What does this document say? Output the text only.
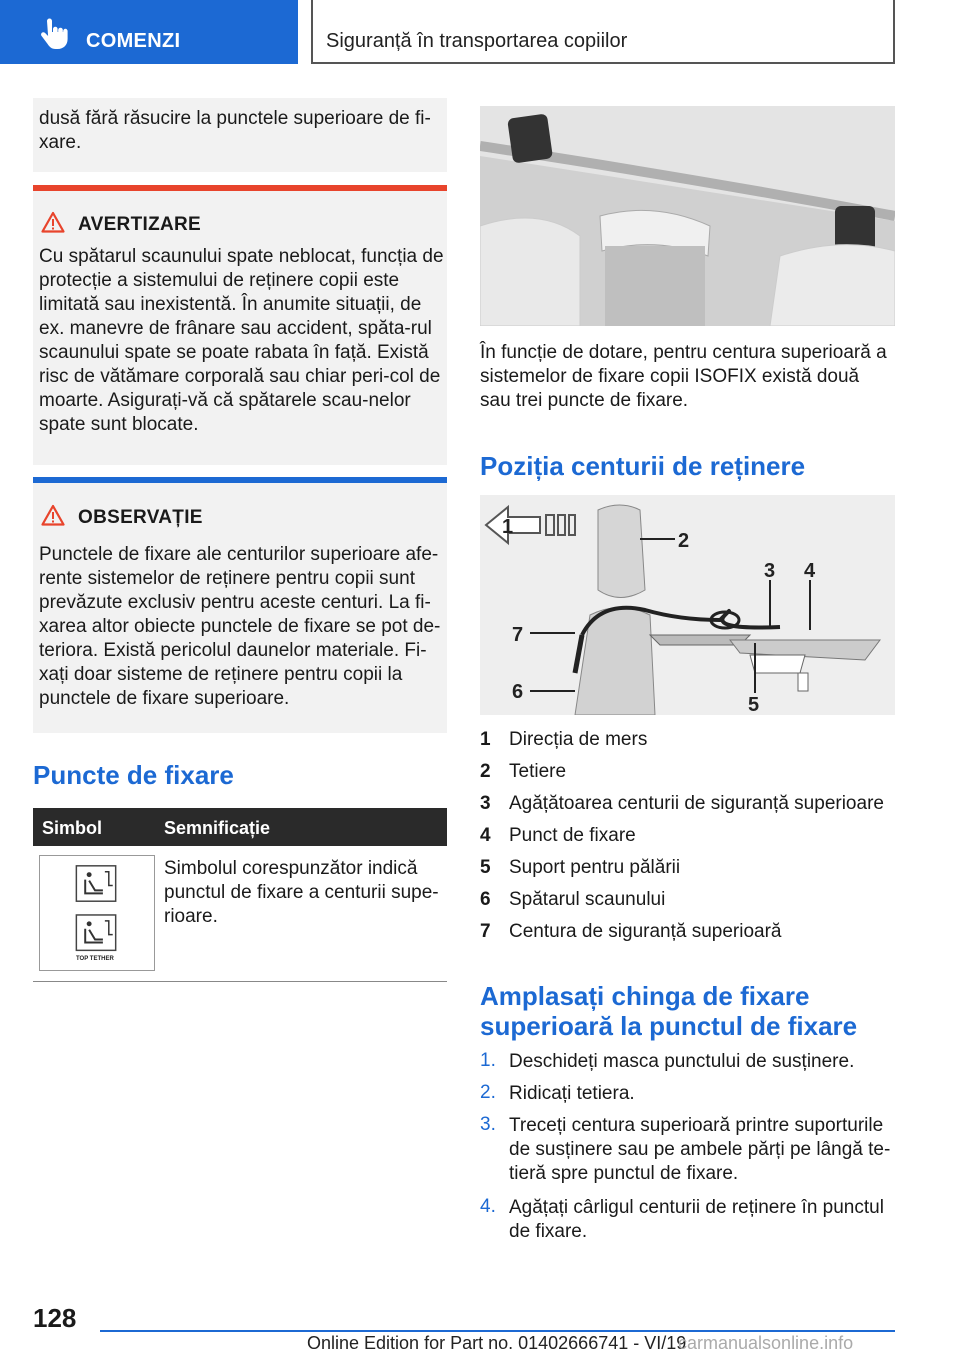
COMENZI	Siguranță în transportarea copiilor
dusă fără răsucire la punctele superioare de fi-xare.
AVERTIZARE
Cu spătarul scaunului spate neblocat, funcția de protecție a sistemului de reținere copii este limitată sau inexistentă. În anumite situații, de ex. manevre de frânare sau accident, spăta-rul scaunului spate se poate rabata în față. Există risc de vătămare corporală sau chiar peri-col de moarte. Asigurați-vă că spătarele scau-nelor spate sunt blocate.
OBSERVAȚIE
Punctele de fixare ale centurilor superioare afe-rente sistemelor de reținere pentru copii sunt prevăzute exclusiv pentru aceste centuri. La fi-xarea altor obiecte punctele de fixare se pot de-teriora. Există pericolul daunelor materiale. Fi-xați doar sisteme de reținere pentru copii la punctele de fixare superioare.
Puncte de fixare
Simbol	Semnificație
TOP TETHER
Simbolul corespunzător indică punctul de fixare a centurii supe-rioare.
În funcție de dotare, pentru centura superioară a sistemelor de fixare copii ISOFIX există două sau trei puncte de fixare.
Poziția centurii de reținere
1
2
3 4
5
6
7
1 Direcția de mers
2 Tetiere
3 Agățătoarea centurii de siguranță superioare
4 Punct de fixare
5 Suport pentru pălării
6 Spătarul scaunului
7 Centura de siguranță superioară
Amplasați chinga de fixare
superioară la punctul de fixare
1. Deschideți masca punctului de susținere.
2. Ridicați tetiera.
3. Treceți centura superioară printre suporturile de susținere sau pe ambele părți pe lângă te-tieră spre punctul de fixare.
4. Agățați cârligul centurii de reținere în punctul de fixare.
128
Online Edition for Part no. 01402666741 - VI/19
carmanualsonline.info
